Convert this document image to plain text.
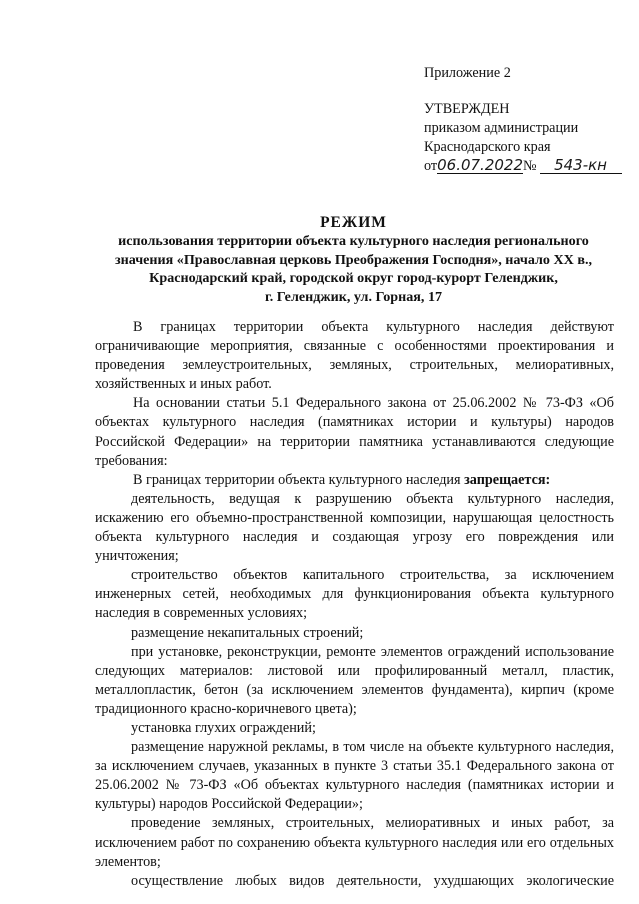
Приложение 2
УТВЕРЖДЕН
приказом администрации
Краснодарского края
от06.07.2022№ 543-кн
РЕЖИМ
использования территории объекта культурного наследия регионального
значения «Православная церковь Преображения Господня», начало XX в.,
Краснодарский край, городской округ город-курорт Геленджик,
г. Геленджик, ул. Горная, 17

В границах территории объекта культурного наследия действуют ограничивающие мероприятия, связанные с особенностями проектирования и проведения землеустроительных, земляных, строительных, мелиоративных, хозяйственных и иных работ.

На основании статьи 5.1 Федерального закона от 25.06.2002 № 73-ФЗ «Об объектах культурного наследия (памятниках истории и культуры) народов Российской Федерации» на территории памятника устанавливаются следующие требования:

В границах территории объекта культурного наследия запрещается:

деятельность, ведущая к разрушению объекта культурного наследия, искажению его объемно-пространственной композиции, нарушающая целостность объекта культурного наследия и создающая угрозу его повреждения или уничтожения;

строительство объектов капитального строительства, за исключением инженерных сетей, необходимых для функционирования объекта культурного наследия в современных условиях;

размещение некапитальных строений;

при установке, реконструкции, ремонте элементов ограждений использование следующих материалов: листовой или профилированный металл, пластик, металлопластик, бетон (за исключением элементов фундамента), кирпич (кроме традиционного красно-коричневого цвета);

установка глухих ограждений;

размещение наружной рекламы, в том числе на объекте культурного наследия, за исключением случаев, указанных в пункте 3 статьи 35.1 Федерального закона от 25.06.2002 № 73-ФЗ «Об объектах культурного наследия (памятниках истории и культуры) народов Российской Федерации»;

проведение земляных, строительных, мелиоративных и иных работ, за исключением работ по сохранению объекта культурного наследия или его отдельных элементов;

осуществление любых видов деятельности, ухудшающих экологические
